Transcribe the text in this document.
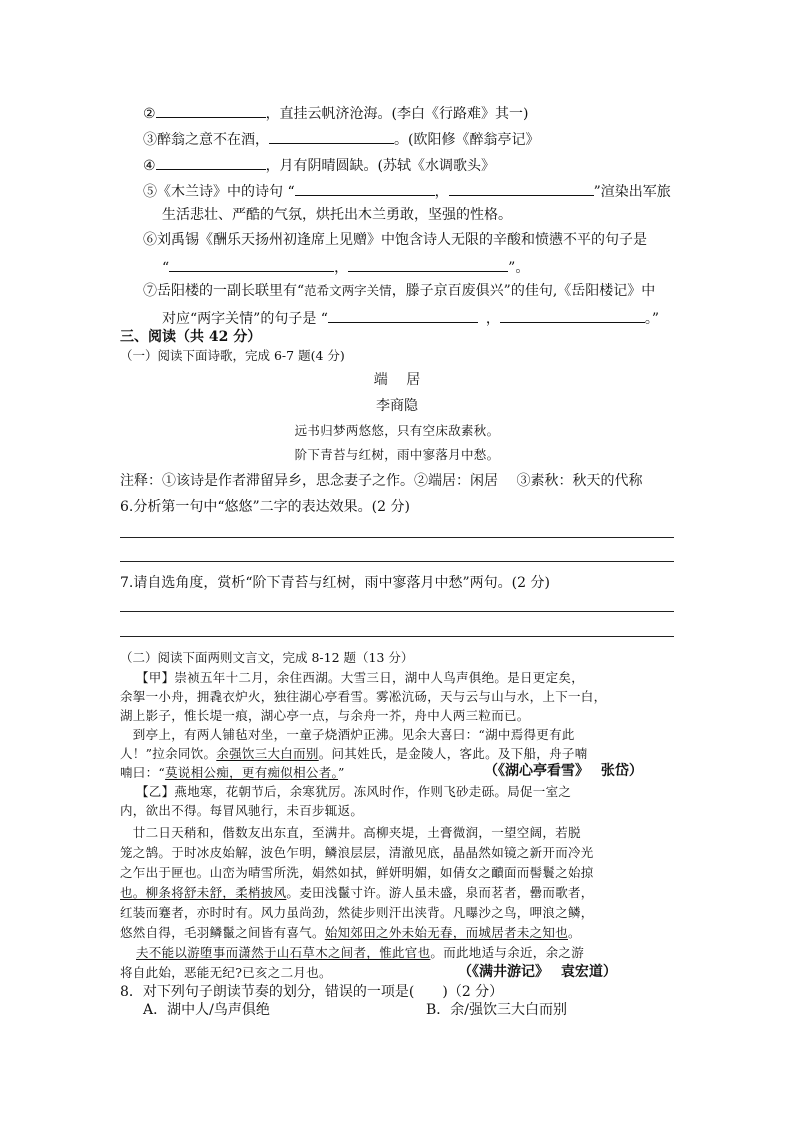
②	，直挂云帆济沧海。(李白《行路难》其一)
③醉翁之意不在酒，	。(欧阳修《醉翁亭记》
④	，月有阴晴圆缺。(苏轼《水调歌头》
⑤《木兰诗》中的诗句 “	，	”渲染出军旅
生活悲壮、严酷的气氛，烘托出木兰勇敢，坚强的性格。
⑥刘禹锡《酬乐天扬州初逢席上见赠》中饱含诗人无限的辛酸和愤懑不平的句子是
“	，	”。
⑦岳阳楼的一副长联里有“范希文两字关情，滕子京百废俱兴”的佳句,《岳阳楼记》中
对应“两字关情”的句子是 “	，	。”
三、阅读（共 42 分）
（一）阅读下面诗歌，完成 6-7 题(4 分)
端　 居
李商隐
远书归梦两悠悠，只有空床敌素秋。
阶下青苔与红树，雨中寥落月中愁。
注释：①该诗是作者滞留异乡，思念妻子之作。②端居：闲居　 ③素秋：秋天的代称
6.分析第一句中“悠悠”二字的表达效果。(2 分)
7.请自选角度，赏析“阶下青苔与红树，雨中寥落月中愁”两句。(2 分)
（二）阅读下面两则文言文，完成 8-12 题（13 分）
【甲】崇祯五年十二月，余住西湖。大雪三日，湖中人鸟声俱绝。是日更定矣，
余挐一小舟，拥毳衣炉火，独往湖心亭看雪。雾凇沆砀，天与云与山与水，上下一白，
湖上影子，惟长堤一痕，湖心亭一点，与余舟一芥，舟中人两三粒而已。
　到亭上，有两人铺毡对坐，一童子烧酒炉正沸。见余大喜曰：“湖中焉得更有此
人！”拉余同饮。余强饮三大白而别。问其姓氏，是金陵人，客此。及下船，舟子喃
喃曰：“莫说相公痴，更有痴似相公者。”	（《湖心亭看雪》　 张岱）
【乙】燕地寒，花朝节后，余寒犹厉。冻风时作，作则飞砂走砾。局促一室之
内，欲出不得。每冒风驰行，未百步辄返。
　廿二日天稍和，偕数友出东直，至满井。高柳夹堤，土膏微润，一望空阔，若脱
笼之鹄。于时冰皮始解，波色乍明，鳞浪层层，清澈见底，晶晶然如镜之新开而冷光
之乍出于匣也。山峦为晴雪所洗，娟然如拭，鲜妍明媚，如倩女之靧面而髻鬟之始掠
也。柳条将舒未舒，柔梢披风。麦田浅鬣寸许。游人虽未盛，泉而茗者，罍而歌者，
红装而蹇者，亦时时有。风力虽尚劲，然徒步则汗出浃背。凡曝沙之鸟，呷浪之鳞，
悠然自得，毛羽鳞鬣之间皆有喜气。始知郊田之外未始无春，而城居者未之知也。
夫不能以游堕事而潇然于山石草木之间者，惟此官也。而此地适与余近，余之游
将自此始，恶能无纪?已亥之二月也。	（《满井游记》　 袁宏道）
8．对下列句子朗读节奏的划分，错误的一项是(　　)（2 分）
A．湖中人/鸟声俱绝	B．余/强饮三大白而别
